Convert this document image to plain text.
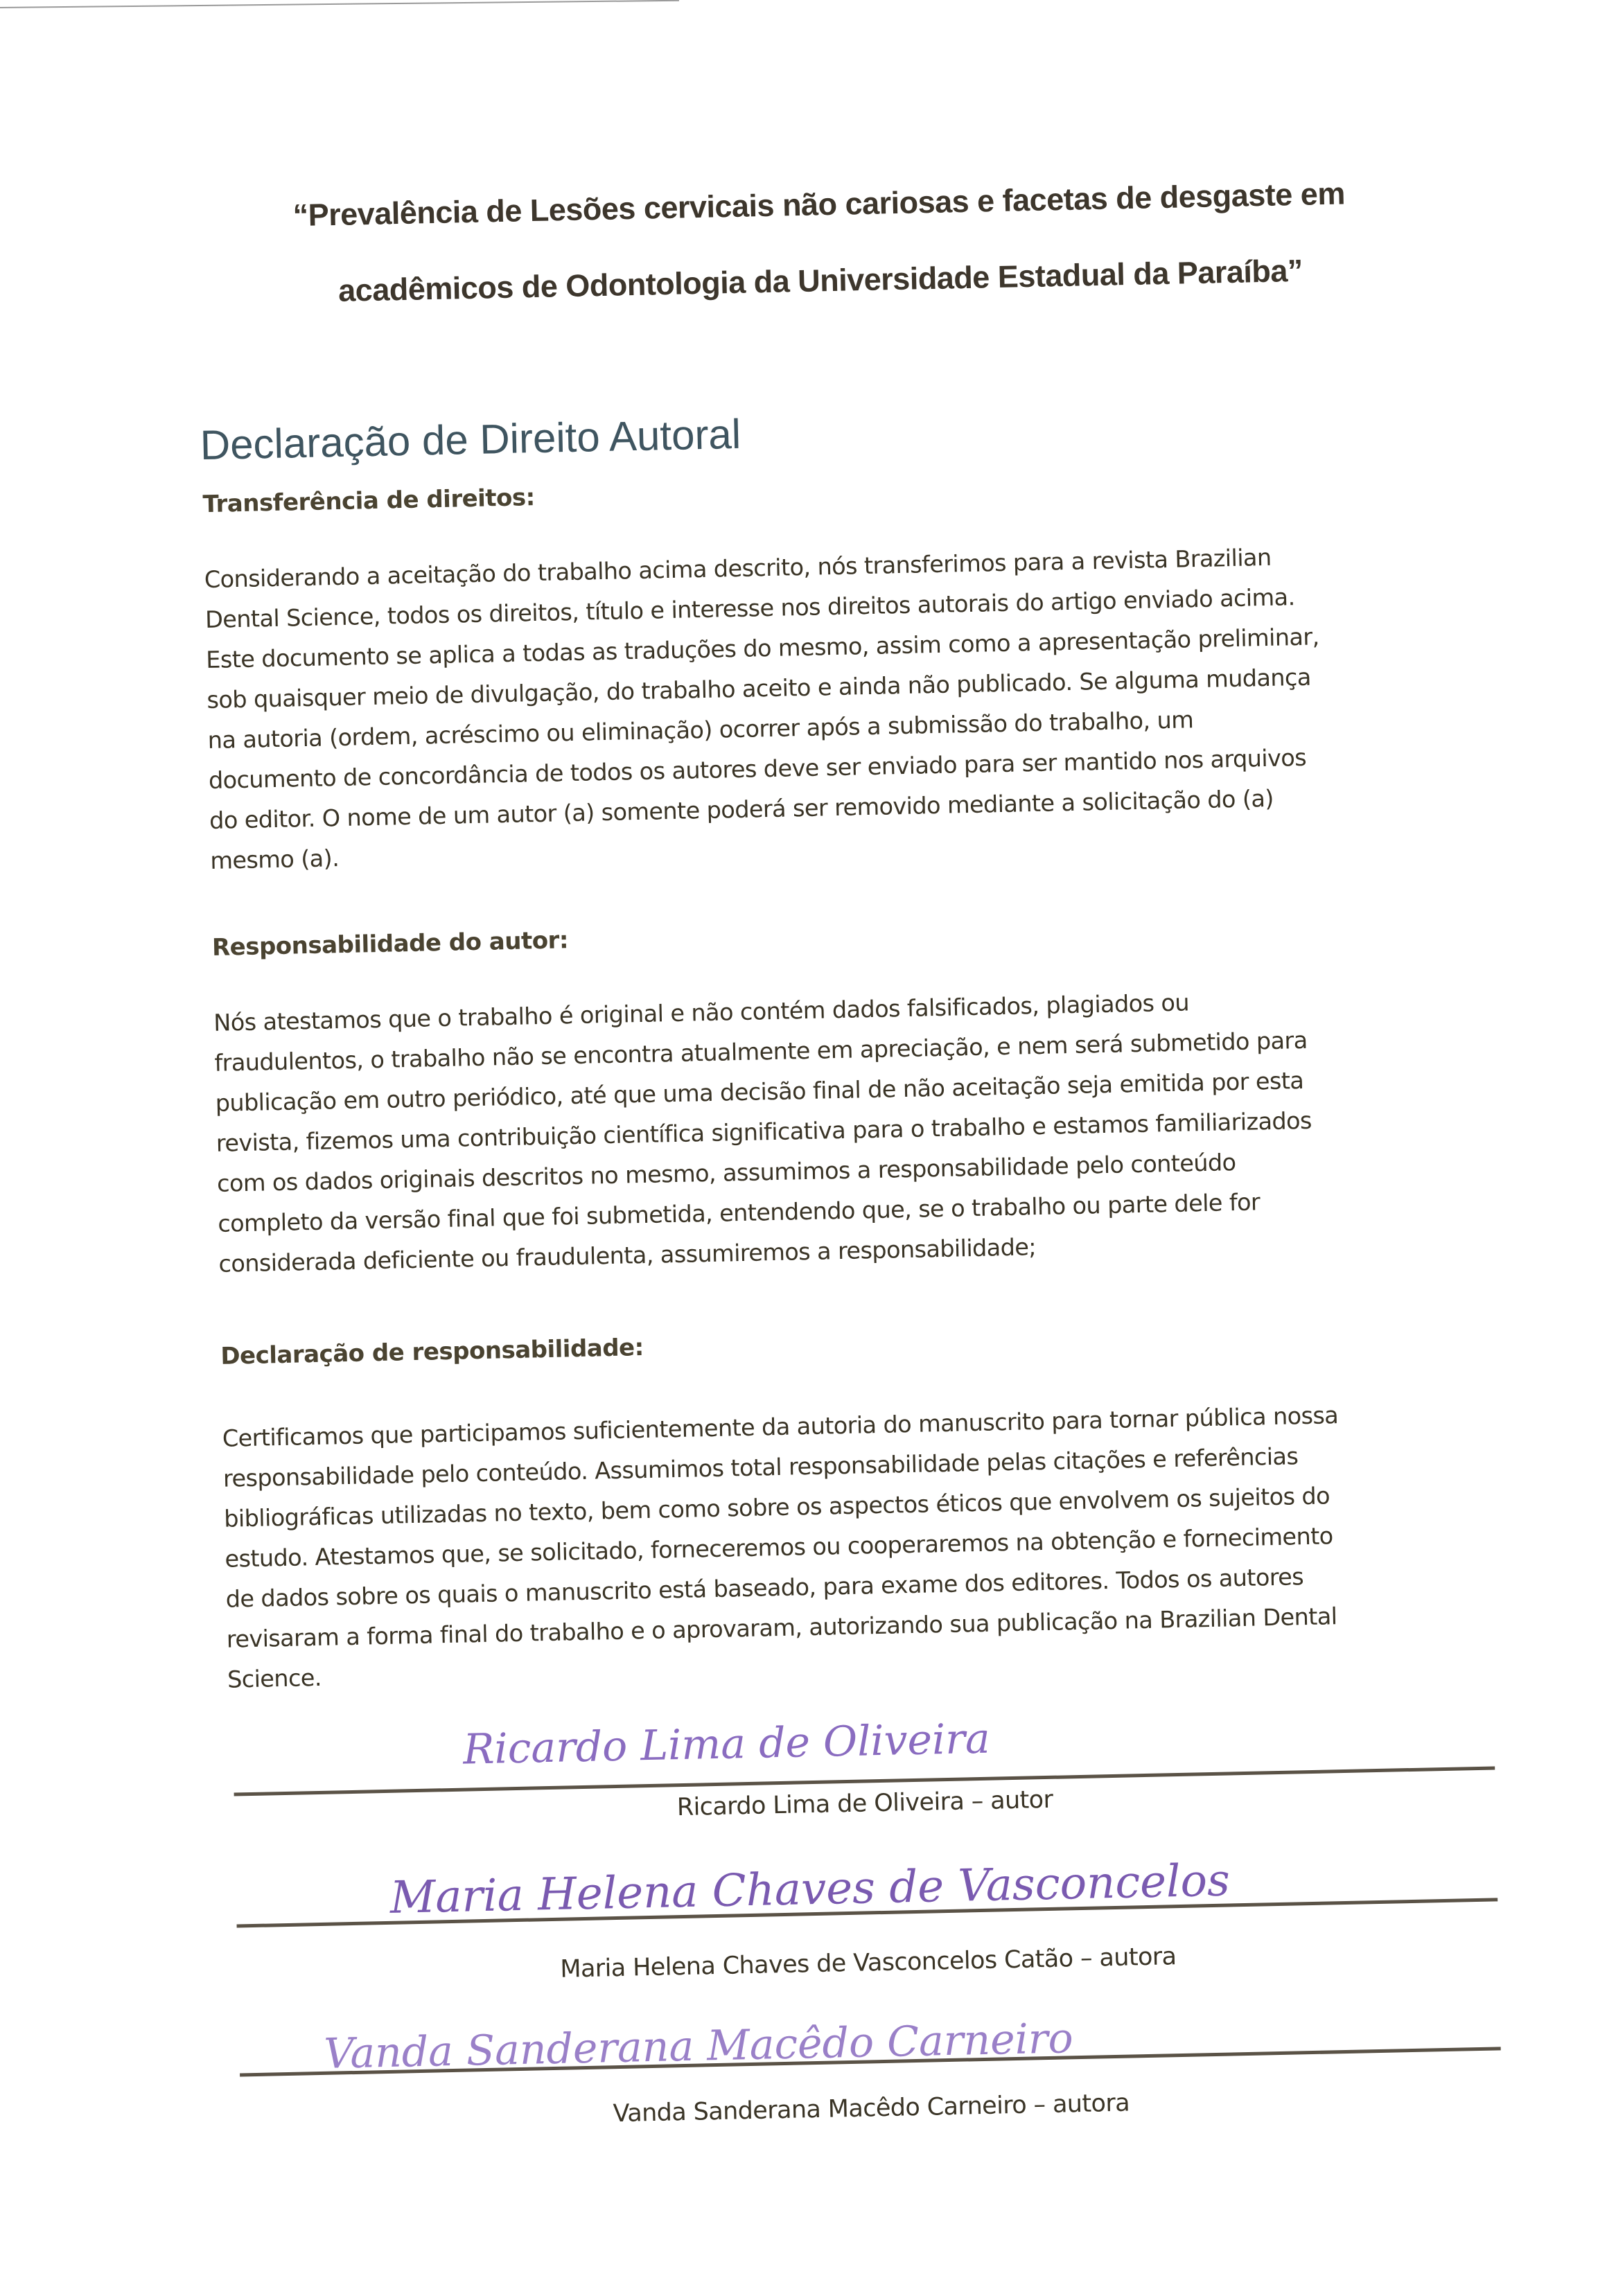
“Prevalência de Lesões cervicais não cariosas e facetas de desgaste em
acadêmicos de Odontologia da Universidade Estadual da Paraíba”
Declaração de Direito Autoral
Transferência de direitos:
Considerando a aceitação do trabalho acima descrito, nós transferimos para a revista Brazilian
Dental Science, todos os direitos, título e interesse nos direitos autorais do artigo enviado acima.
Este documento se aplica a todas as traduções do mesmo, assim como a apresentação preliminar,
sob quaisquer meio de divulgação, do trabalho aceito e ainda não publicado. Se alguma mudança
na autoria (ordem, acréscimo ou eliminação) ocorrer após a submissão do trabalho, um
documento de concordância de todos os autores deve ser enviado para ser mantido nos arquivos
do editor. O nome de um autor (a) somente poderá ser removido mediante a solicitação do (a)
mesmo (a).
Responsabilidade do autor:
Nós atestamos que o trabalho é original e não contém dados falsificados, plagiados ou
fraudulentos, o trabalho não se encontra atualmente em apreciação, e nem será submetido para
publicação em outro periódico, até que uma decisão final de não aceitação seja emitida por esta
revista, fizemos uma contribuição científica significativa para o trabalho e estamos familiarizados
com os dados originais descritos no mesmo, assumimos a responsabilidade pelo conteúdo
completo da versão final que foi submetida, entendendo que, se o trabalho ou parte dele for
considerada deficiente ou fraudulenta, assumiremos a responsabilidade;
Declaração de responsabilidade:
Certificamos que participamos suficientemente da autoria do manuscrito para tornar pública nossa
responsabilidade pelo conteúdo. Assumimos total responsabilidade pelas citações e referências
bibliográficas utilizadas no texto, bem como sobre os aspectos éticos que envolvem os sujeitos do
estudo. Atestamos que, se solicitado, forneceremos ou cooperaremos na obtenção e fornecimento
de dados sobre os quais o manuscrito está baseado, para exame dos editores. Todos os autores
revisaram a forma final do trabalho e o aprovaram, autorizando sua publicação na Brazilian Dental
Science.
Ricardo Lima de Oliveira
Ricardo Lima de Oliveira – autor
Maria Helena Chaves de Vasconcelos
Maria Helena Chaves de Vasconcelos Catão – autora
Vanda Sanderana Macêdo Carneiro
Vanda Sanderana Macêdo Carneiro – autora
